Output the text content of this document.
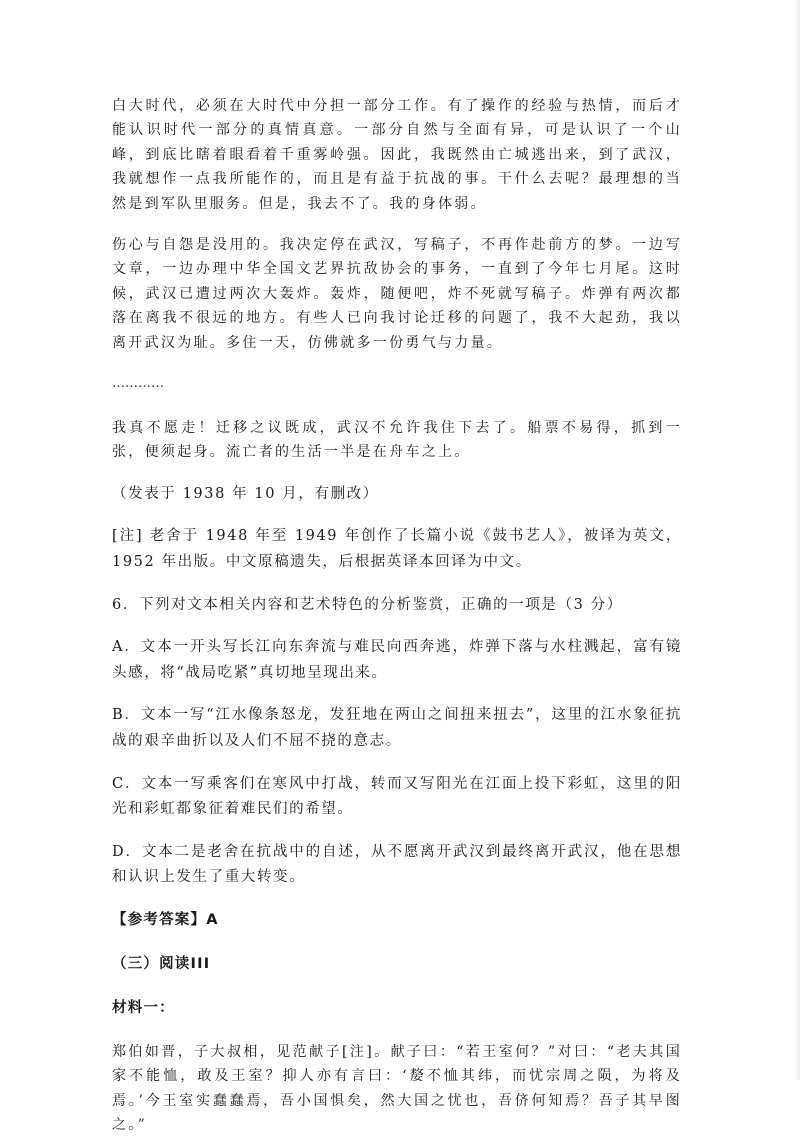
白大时代，必须在大时代中分担一部分工作。有了操作的经验与热情，而后才能认识时代一部分的真情真意。一部分自然与全面有异，可是认识了一个山峰，到底比瞎着眼看着千重雾岭强。因此，我既然由亡城逃出来，到了武汉，我就想作一点我所能作的，而且是有益于抗战的事。干什么去呢？最理想的当然是到军队里服务。但是，我去不了。我的身体弱。

伤心与自怨是没用的。我决定停在武汉，写稿子，不再作赴前方的梦。一边写文章，一边办理中华全国文艺界抗敌协会的事务，一直到了今年七月尾。这时候，武汉已遭过两次大轰炸。轰炸，随便吧，炸不死就写稿子。炸弹有两次都落在离我不很远的地方。有些人已向我讨论迁移的问题了，我不大起劲，我以离开武汉为耻。多住一天，仿佛就多一份勇气与力量。

…………

我真不愿走！迁移之议既成，武汉不允许我住下去了。船票不易得，抓到一张，便须起身。流亡者的生活一半是在舟车之上。

（发表于 1938 年 10 月，有删改）

[注] 老舍于 1948 年至 1949 年创作了长篇小说《鼓书艺人》，被译为英文，1952 年出版。中文原稿遗失，后根据英译本回译为中文。

6．下列对文本相关内容和艺术特色的分析鉴赏，正确的一项是（3 分）

A．文本一开头写长江向东奔流与难民向西奔逃，炸弹下落与水柱溅起，富有镜头感，将“战局吃紧”真切地呈现出来。

B．文本一写“江水像条怒龙，发狂地在两山之间扭来扭去”，这里的江水象征抗战的艰辛曲折以及人们不屈不挠的意志。

C．文本一写乘客们在寒风中打战，转而又写阳光在江面上投下彩虹，这里的阳光和彩虹都象征着难民们的希望。

D．文本二是老舍在抗战中的自述，从不愿离开武汉到最终离开武汉，他在思想和认识上发生了重大转变。

【参考答案】A

（三）阅读III

材料一：

郑伯如晋，子大叔相，见范献子[注]。献子曰：“若王室何？”对曰：“老夫其国家不能恤，敢及王室？抑人亦有言曰：‘嫠不恤其纬，而忧宗周之陨，为将及焉。’今王室实蠢蠢焉，吾小国惧矣，然大国之忧也，吾侪何知焉？吾子其早图之。”
